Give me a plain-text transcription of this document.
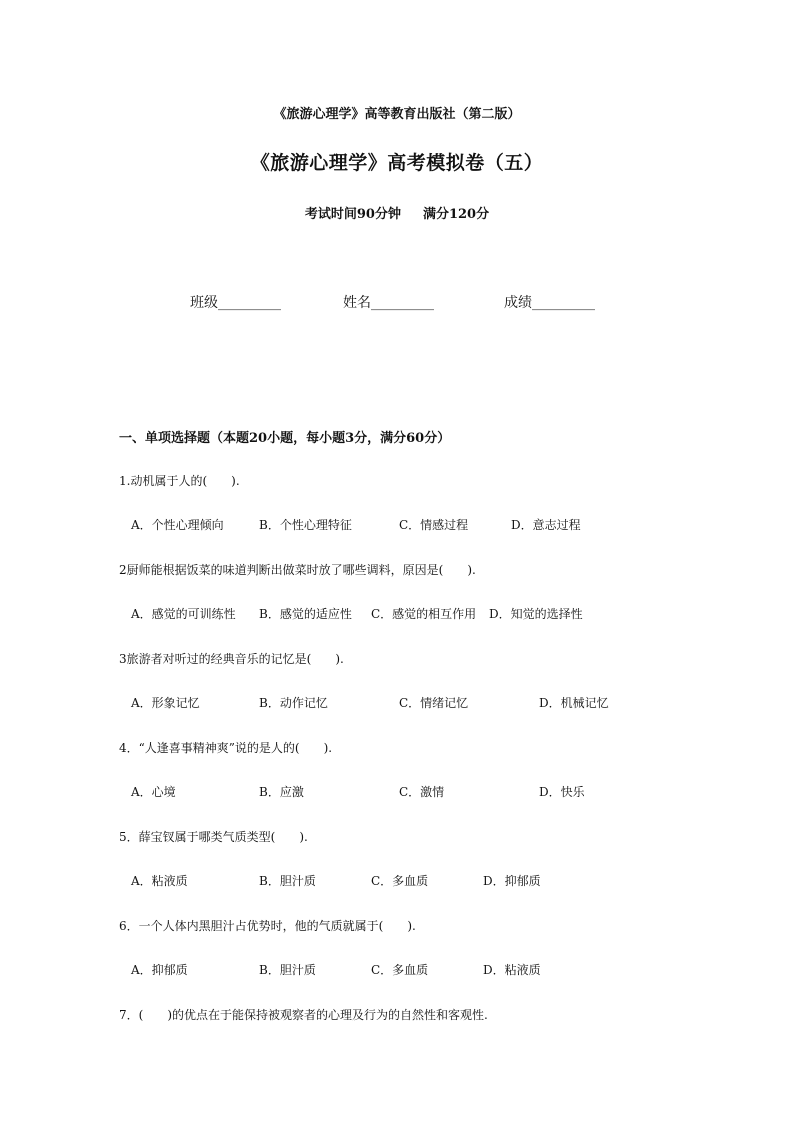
《旅游心理学》高等教育出版社（第二版）
《旅游心理学》高考模拟卷（五）
考试时间90分钟 满分120分
班级_________	姓名_________	成绩_________
一、单项选择题（本题20小题，每小题3分，满分60分）
1.动机属于人的(　　).
A．个性心理倾向	B．个性心理特征	C．情感过程	D．意志过程
2厨师能根据饭菜的味道判断出做菜时放了哪些调料，原因是(　　).
A．感觉的可训练性 B．感觉的适应性 C．感觉的相互作用 D．知觉的选择性
3旅游者对听过的经典音乐的记忆是(　　).
A．形象记忆	B．动作记忆	C．情绪记忆	D．机械记忆
4．“人逢喜事精神爽”说的是人的(　　).
A．心境	B．应激	C．激情	D．快乐
5．薛宝钗属于哪类气质类型(　　).
A．粘液质	B．胆汁质	C．多血质	D．抑郁质
6．一个人体内黑胆汁占优势时，他的气质就属于(　　).
A．抑郁质	B．胆汁质	C．多血质	D．粘液质
7．(　　)的优点在于能保持被观察者的心理及行为的自然性和客观性.
